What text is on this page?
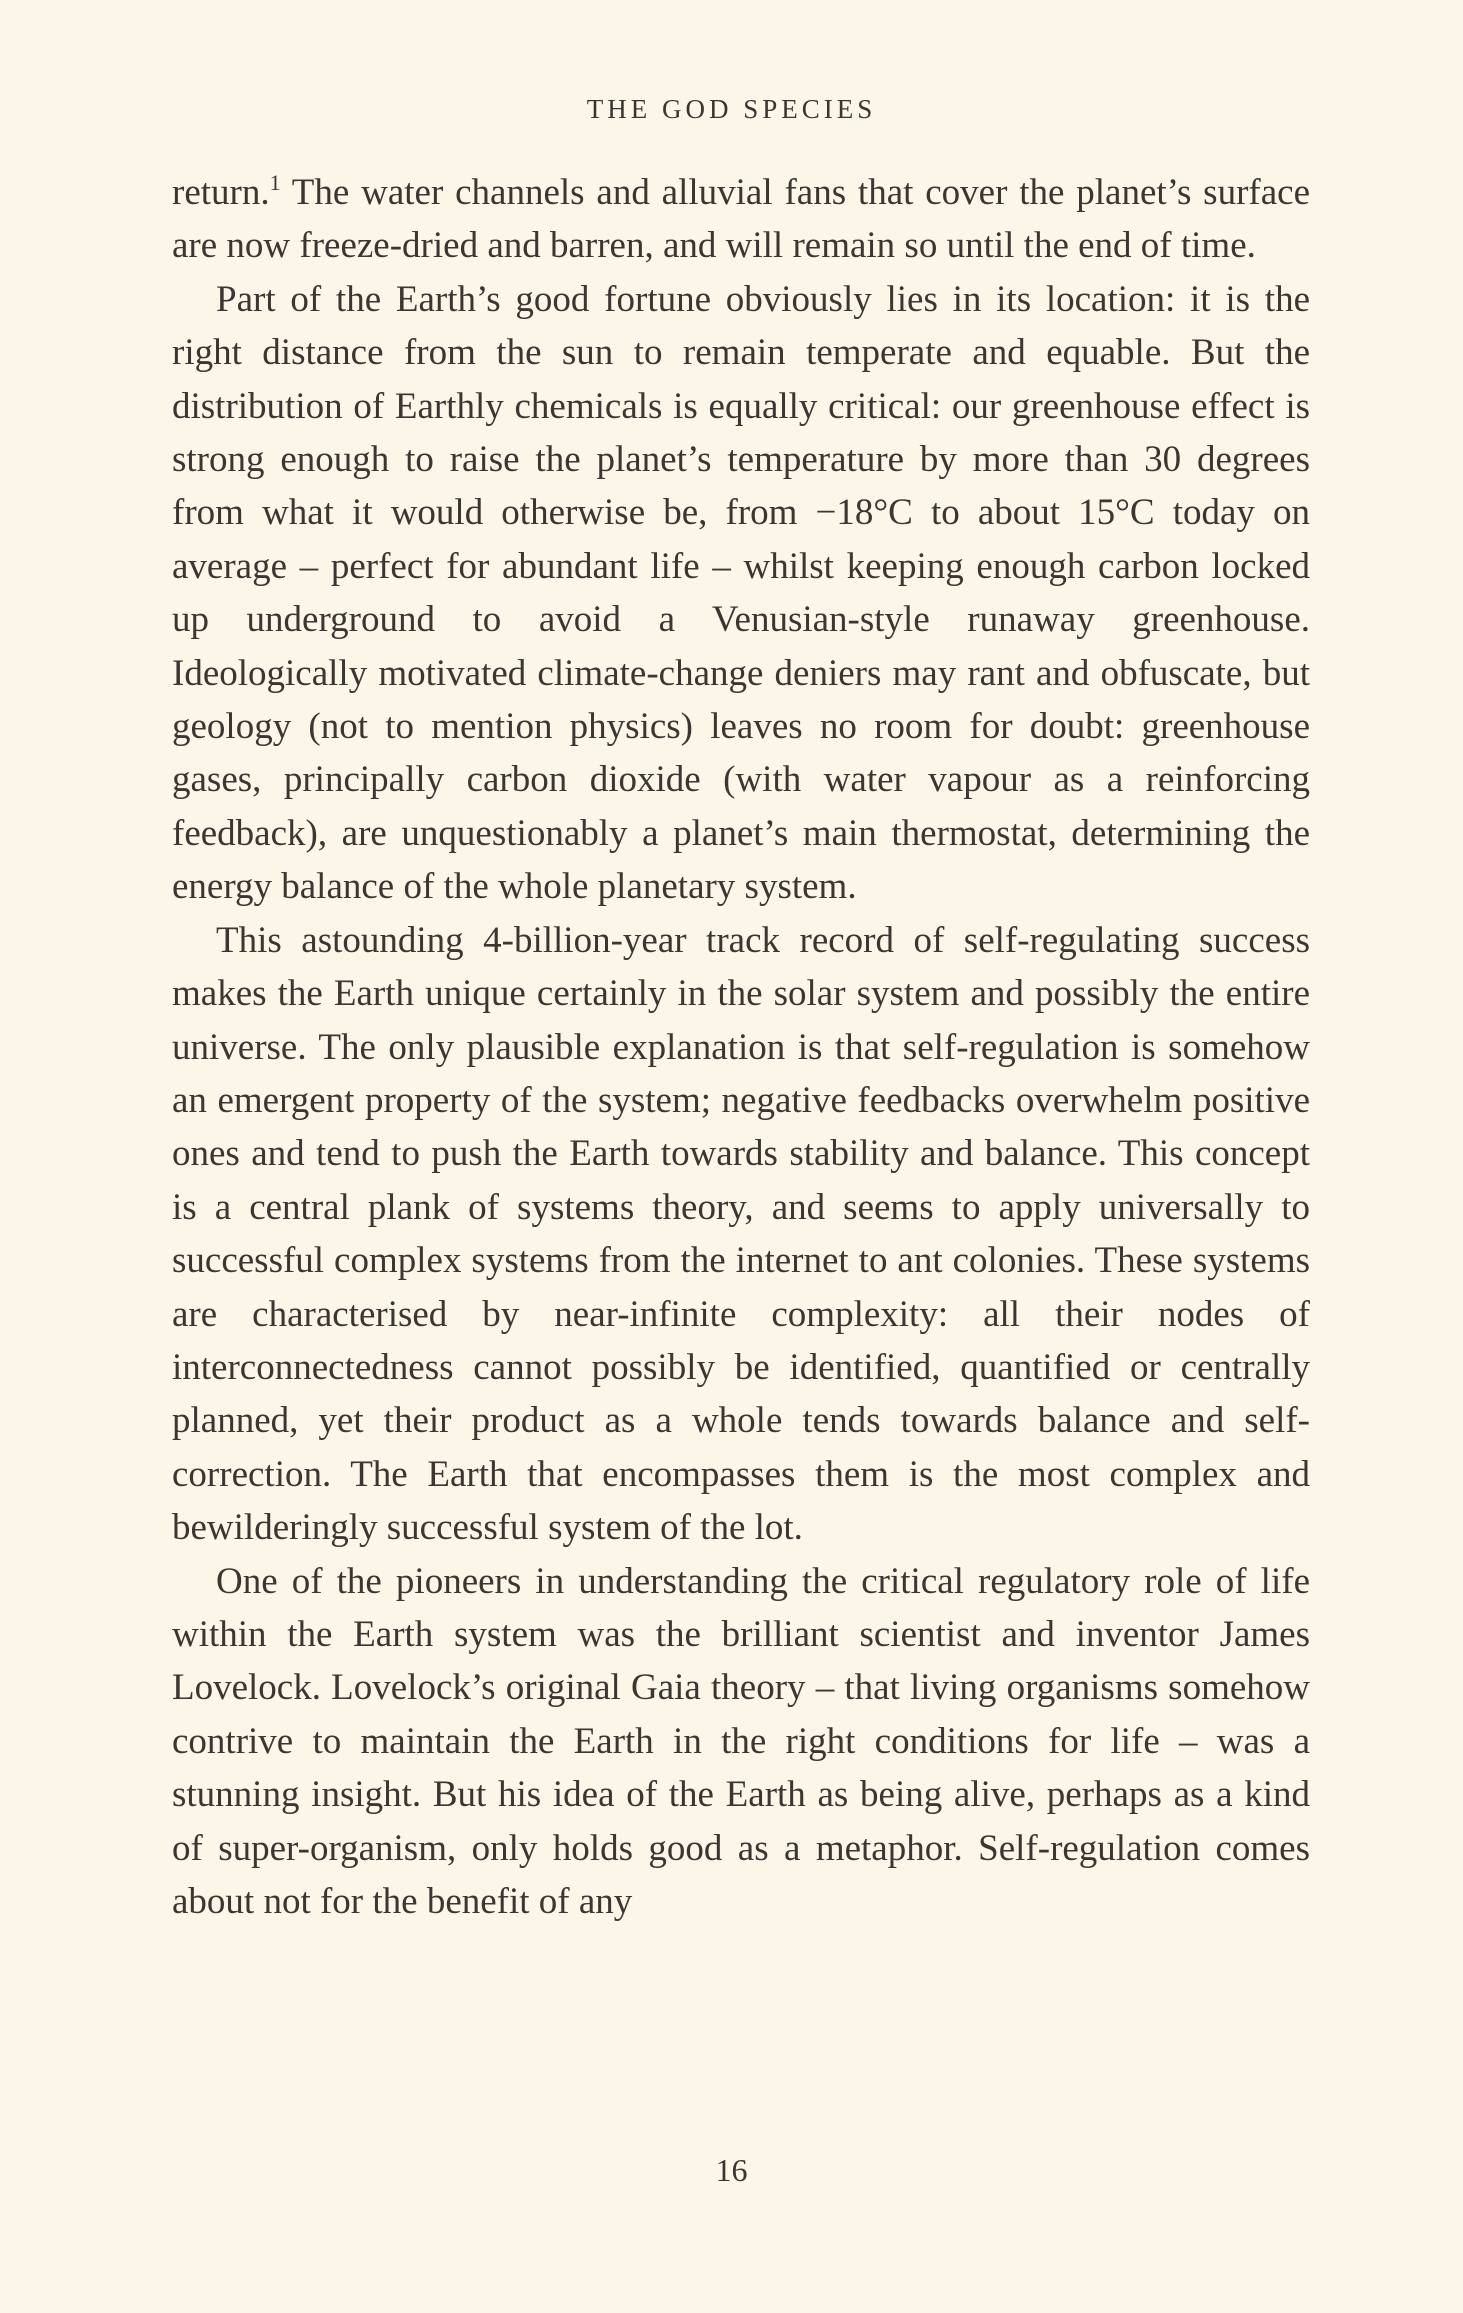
THE GOD SPECIES

return.$^1$ The water channels and alluvial fans that cover the planet’s surface are now freeze-dried and barren, and will remain so until the end of time.

Part of the Earth’s good fortune obviously lies in its location: it is the right distance from the sun to remain temperate and equable. But the distribution of Earthly chemicals is equally critical: our greenhouse effect is strong enough to raise the planet’s temperature by more than 30 degrees from what it would otherwise be, from −18°C to about 15°C today on average – perfect for abundant life – whilst keeping enough carbon locked up underground to avoid a Venusian-style runaway greenhouse. Ideologically motivated climate-change deniers may rant and obfuscate, but geology (not to mention physics) leaves no room for doubt: greenhouse gases, principally carbon dioxide (with water vapour as a reinforcing feedback), are unquestionably a planet’s main thermostat, determining the energy balance of the whole planetary system.

This astounding 4-billion-year track record of self-regulating success makes the Earth unique certainly in the solar system and possibly the entire universe. The only plausible explanation is that self-regulation is somehow an emergent property of the system; negative feedbacks overwhelm positive ones and tend to push the Earth towards stability and balance. This concept is a central plank of systems theory, and seems to apply universally to successful complex systems from the internet to ant colonies. These systems are characterised by near-infinite complexity: all their nodes of interconnectedness cannot possibly be identified, quantified or centrally planned, yet their product as a whole tends towards balance and self-correction. The Earth that encompasses them is the most complex and bewilderingly successful system of the lot.

One of the pioneers in understanding the critical regulatory role of life within the Earth system was the brilliant scientist and inventor James Lovelock. Lovelock’s original Gaia theory – that living organisms somehow contrive to maintain the Earth in the right conditions for life – was a stunning insight. But his idea of the Earth as being alive, perhaps as a kind of super-organism, only holds good as a metaphor. Self-regulation comes about not for the benefit of any

16
